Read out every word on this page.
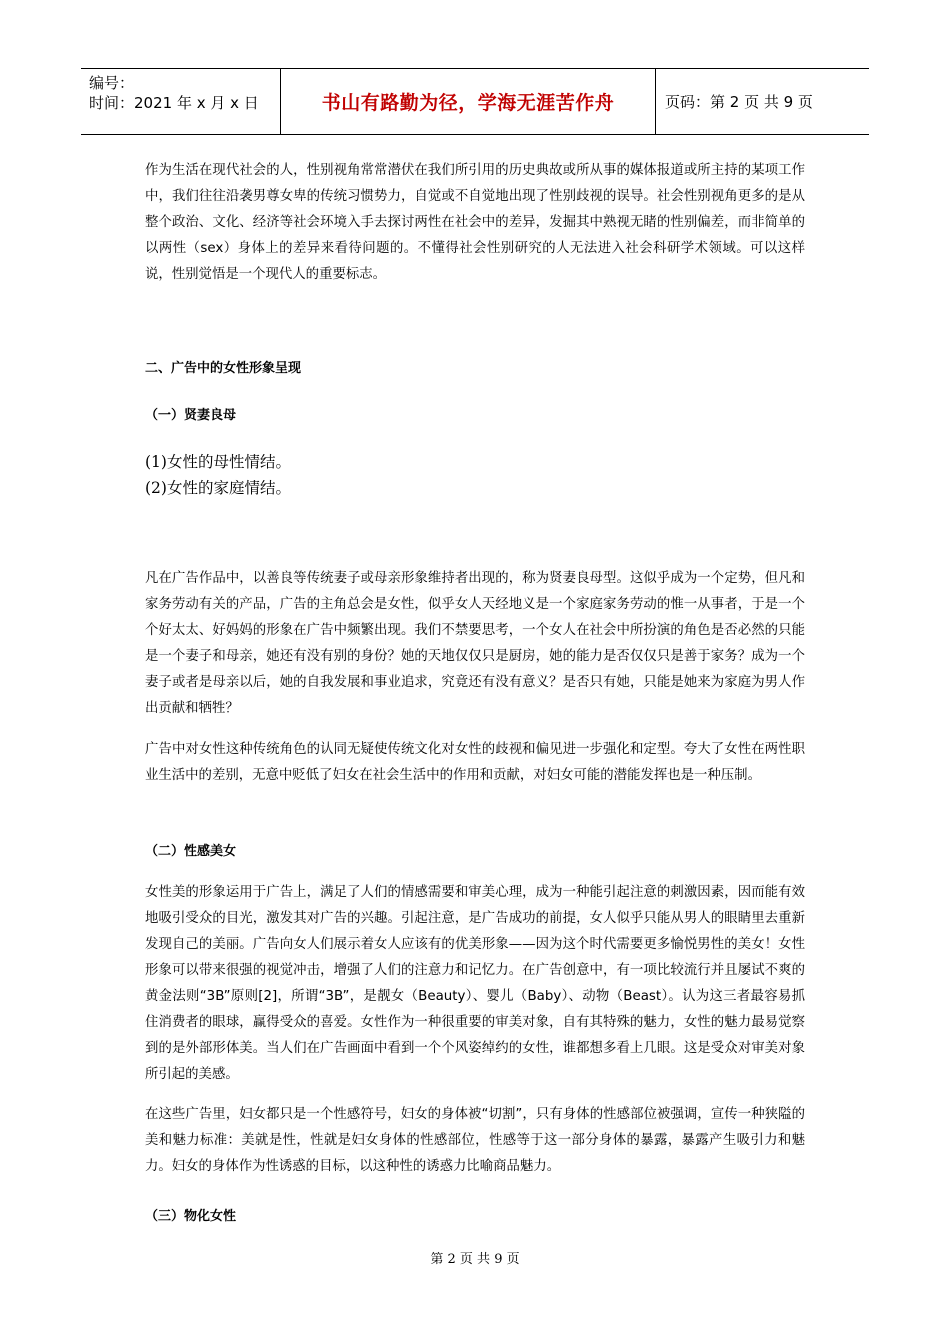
编号：
时间：2021 年 x 月 x 日	书山有路勤为径，学海无涯苦作舟	页码：第 2 页 共 9 页

作为生活在现代社会的人，性别视角常常潜伏在我们所引用的历史典故或所从事的媒体报道或所主持的某项工作中，我们往往沿袭男尊女卑的传统习惯势力，自觉或不自觉地出现了性别歧视的误导。社会性别视角更多的是从整个政治、文化、经济等社会环境入手去探讨两性在社会中的差异，发掘其中熟视无睹的性别偏差，而非简单的以两性（sex）身体上的差异来看待问题的。不懂得社会性别研究的人无法进入社会科研学术领域。可以这样说，性别觉悟是一个现代人的重要标志。

二、广告中的女性形象呈现
（一）贤妻良母
(1)女性的母性情结。
(2)女性的家庭情结。

凡在广告作品中，以善良等传统妻子或母亲形象维持者出现的，称为贤妻良母型。这似乎成为一个定势，但凡和家务劳动有关的产品，广告的主角总会是女性，似乎女人天经地义是一个家庭家务劳动的惟一从事者，于是一个个好太太、好妈妈的形象在广告中频繁出现。我们不禁要思考，一个女人在社会中所扮演的角色是否必然的只能是一个妻子和母亲，她还有没有别的身份？她的天地仅仅只是厨房，她的能力是否仅仅只是善于家务？成为一个妻子或者是母亲以后，她的自我发展和事业追求，究竟还有没有意义？是否只有她，只能是她来为家庭为男人作出贡献和牺牲？

广告中对女性这种传统角色的认同无疑使传统文化对女性的歧视和偏见进一步强化和定型。夸大了女性在两性职业生活中的差别，无意中贬低了妇女在社会生活中的作用和贡献，对妇女可能的潜能发挥也是一种压制。

（二）性感美女

女性美的形象运用于广告上，满足了人们的情感需要和审美心理，成为一种能引起注意的刺激因素，因而能有效地吸引受众的目光，激发其对广告的兴趣。引起注意，是广告成功的前提，女人似乎只能从男人的眼睛里去重新发现自己的美丽。广告向女人们展示着女人应该有的优美形象——因为这个时代需要更多愉悦男性的美女！女性形象可以带来很强的视觉冲击，增强了人们的注意力和记忆力。在广告创意中，有一项比较流行并且屡试不爽的黄金法则“3B”原则[2]，所谓“3B”，是靓女（Beauty）、婴儿（Baby）、动物（Beast）。认为这三者最容易抓住消费者的眼球，赢得受众的喜爱。女性作为一种很重要的审美对象，自有其特殊的魅力，女性的魅力最易觉察到的是外部形体美。当人们在广告画面中看到一个个风姿绰约的女性，谁都想多看上几眼。这是受众对审美对象所引起的美感。

在这些广告里，妇女都只是一个性感符号，妇女的身体被“切割”，只有身体的性感部位被强调，宣传一种狭隘的美和魅力标准：美就是性，性就是妇女身体的性感部位，性感等于这一部分身体的暴露，暴露产生吸引力和魅力。妇女的身体作为性诱惑的目标，以这种性的诱惑力比喻商品魅力。

（三）物化女性
第 2 页 共 9 页
